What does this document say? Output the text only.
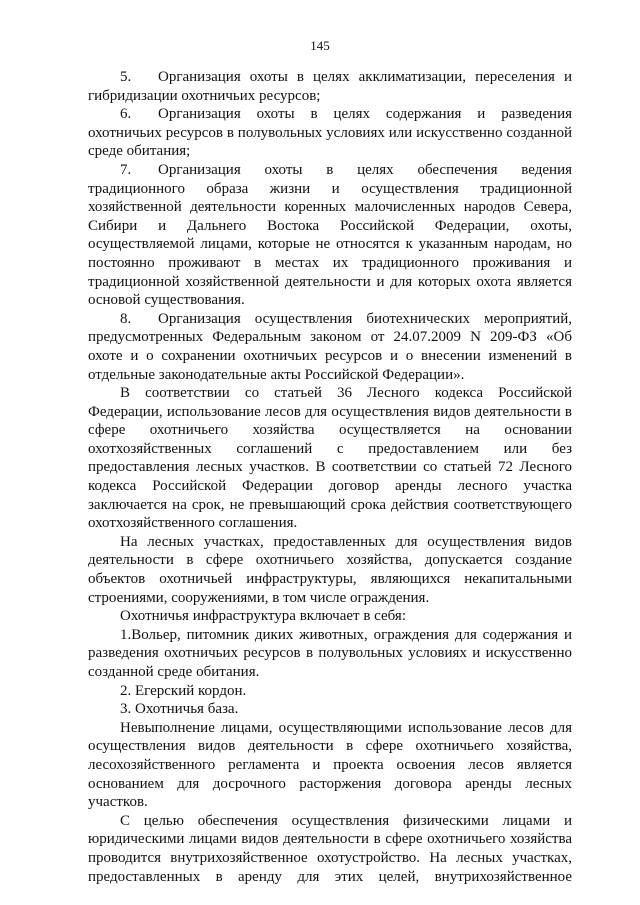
145
5. Организация охоты в целях акклиматизации, переселения и
гибридизации охотничьих ресурсов;
6. Организация охоты в целях содержания и разведения
охотничьих ресурсов в полувольных условиях или искусственно созданной
среде обитания;
7. Организация охоты в целях обеспечения ведения
традиционного образа жизни и осуществления традиционной
хозяйственной деятельности коренных малочисленных народов Севера,
Сибири и Дальнего Востока Российской Федерации, охоты,
осуществляемой лицами, которые не относятся к указанным народам, но
постоянно проживают в местах их традиционного проживания и
традиционной хозяйственной деятельности и для которых охота является
основой существования.
8. Организация осуществления биотехнических мероприятий,
предусмотренных Федеральным законом от 24.07.2009 N 209-ФЗ «Об
охоте и о сохранении охотничьих ресурсов и о внесении изменений в
отдельные законодательные акты Российской Федерации».
В соответствии со статьей 36 Лесного кодекса Российской
Федерации, использование лесов для осуществления видов деятельности в
сфере охотничьего хозяйства осуществляется на основании
охотхозяйственных соглашений с предоставлением или без
предоставления лесных участков. В соответствии со статьей 72 Лесного
кодекса Российской Федерации договор аренды лесного участка
заключается на срок, не превышающий срока действия соответствующего
охотхозяйственного соглашения.
На лесных участках, предоставленных для осуществления видов
деятельности в сфере охотничьего хозяйства, допускается создание
объектов охотничьей инфраструктуры, являющихся некапитальными
строениями, сооружениями, в том числе ограждения.
Охотничья инфраструктура включает в себя:
1.Вольер, питомник диких животных, ограждения для содержания и
разведения охотничьих ресурсов в полувольных условиях и искусственно
созданной среде обитания.
2. Егерский кордон.
3. Охотничья база.
Невыполнение лицами, осуществляющими использование лесов для
осуществления видов деятельности в сфере охотничьего хозяйства,
лесохозяйственного регламента и проекта освоения лесов является
основанием для досрочного расторжения договора аренды лесных
участков.
С целью обеспечения осуществления физическими лицами и
юридическими лицами видов деятельности в сфере охотничьего хозяйства
проводится внутрихозяйственное охотустройство. На лесных участках,
предоставленных в аренду для этих целей, внутрихозяйственное
